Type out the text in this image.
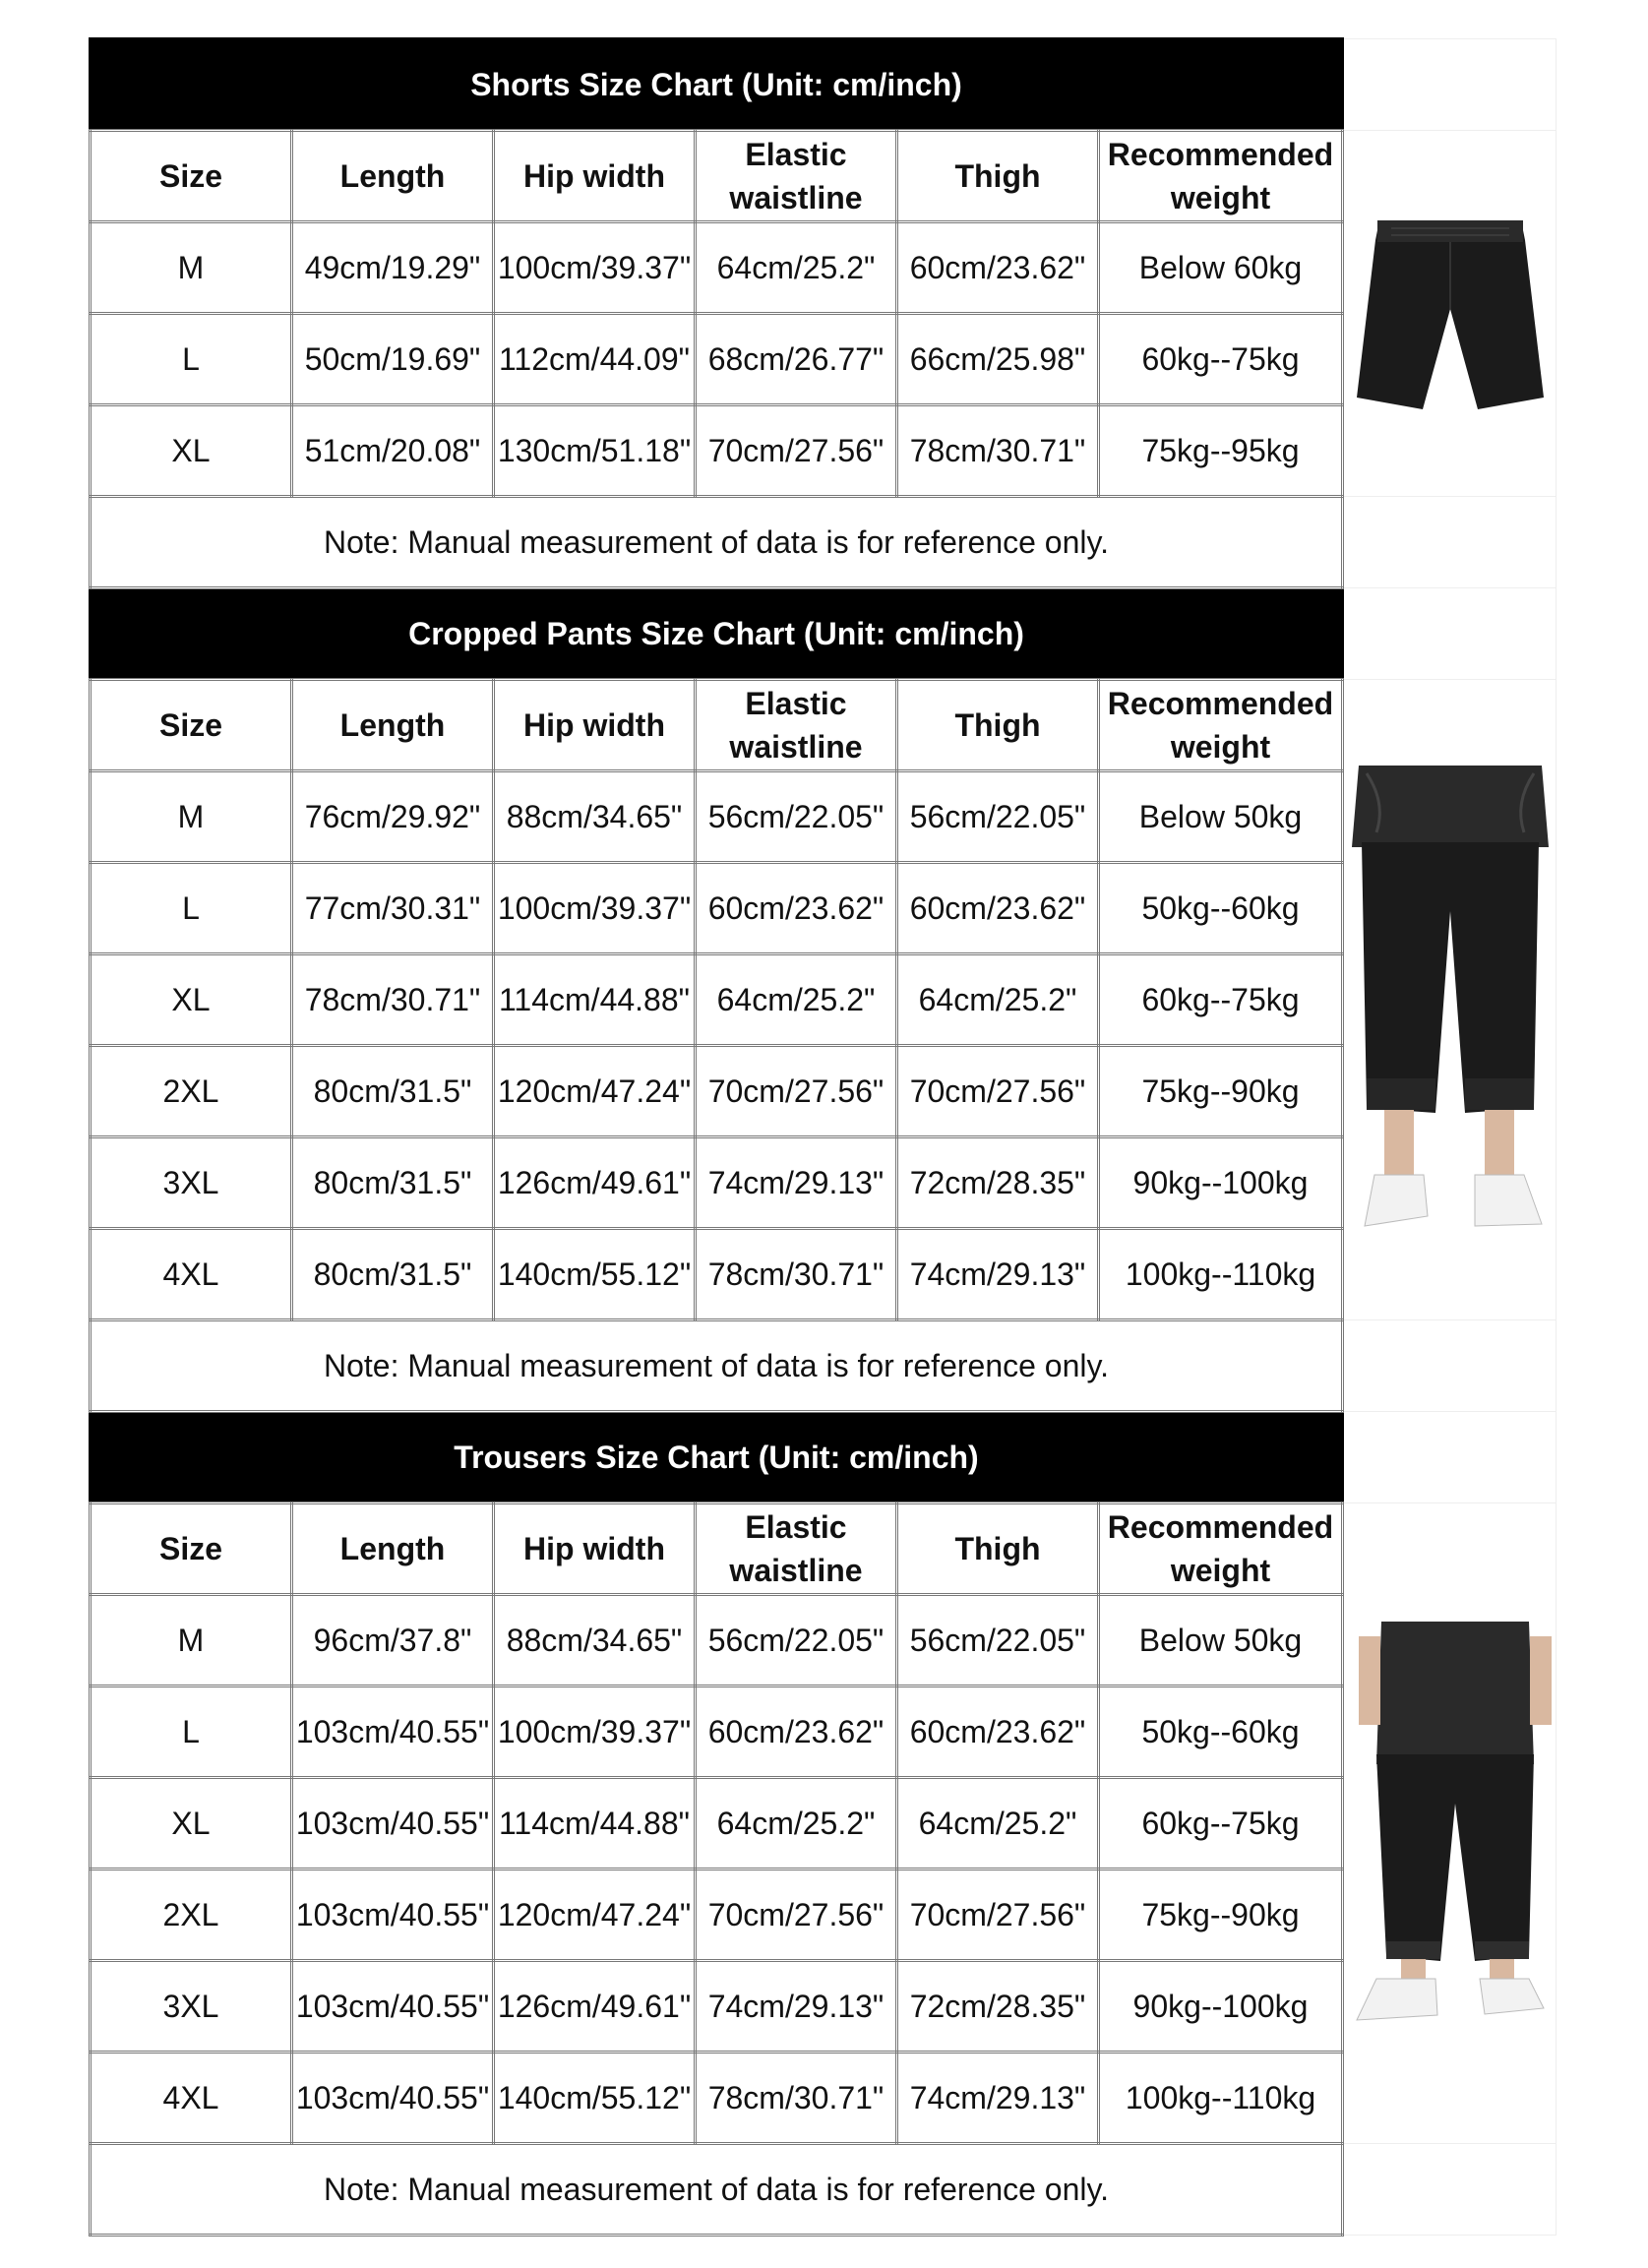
Shorts Size Chart (Unit: cm/inch)						
Size	Length	Hip width	Elastic waistline	Thigh	Recommended weight	

M	49cm/19.29"	100cm/39.37"	64cm/25.2"	60cm/23.62"	Below 60kg	
L	50cm/19.69"	112cm/44.09"	68cm/26.77"	66cm/25.98"	60kg--75kg	
XL	51cm/20.08"	130cm/51.18"	70cm/27.56"	78cm/30.71"	75kg--95kg	
Note: Manual measurement of data is for reference only.						
Cropped Pants Size Chart (Unit: cm/inch)						
Size	Length	Hip width	Elastic waistline	Thigh	Recommended weight	

M	76cm/29.92"	88cm/34.65"	56cm/22.05"	56cm/22.05"	Below 50kg	
L	77cm/30.31"	100cm/39.37"	60cm/23.62"	60cm/23.62"	50kg--60kg	
XL	78cm/30.71"	114cm/44.88"	64cm/25.2"	64cm/25.2"	60kg--75kg	
2XL	80cm/31.5"	120cm/47.24"	70cm/27.56"	70cm/27.56"	75kg--90kg	
3XL	80cm/31.5"	126cm/49.61"	74cm/29.13"	72cm/28.35"	90kg--100kg	
4XL	80cm/31.5"	140cm/55.12"	78cm/30.71"	74cm/29.13"	100kg--110kg	
Note: Manual measurement of data is for reference only.						
Trousers Size Chart (Unit: cm/inch)						
Size	Length	Hip width	Elastic waistline	Thigh	Recommended weight	

M	96cm/37.8"	88cm/34.65"	56cm/22.05"	56cm/22.05"	Below 50kg	
L	103cm/40.55"	100cm/39.37"	60cm/23.62"	60cm/23.62"	50kg--60kg	
XL	103cm/40.55"	114cm/44.88"	64cm/25.2"	64cm/25.2"	60kg--75kg	
2XL	103cm/40.55"	120cm/47.24"	70cm/27.56"	70cm/27.56"	75kg--90kg	
3XL	103cm/40.55"	126cm/49.61"	74cm/29.13"	72cm/28.35"	90kg--100kg	
4XL	103cm/40.55"	140cm/55.12"	78cm/30.71"	74cm/29.13"	100kg--110kg	
Note: Manual measurement of data is for reference only.						
